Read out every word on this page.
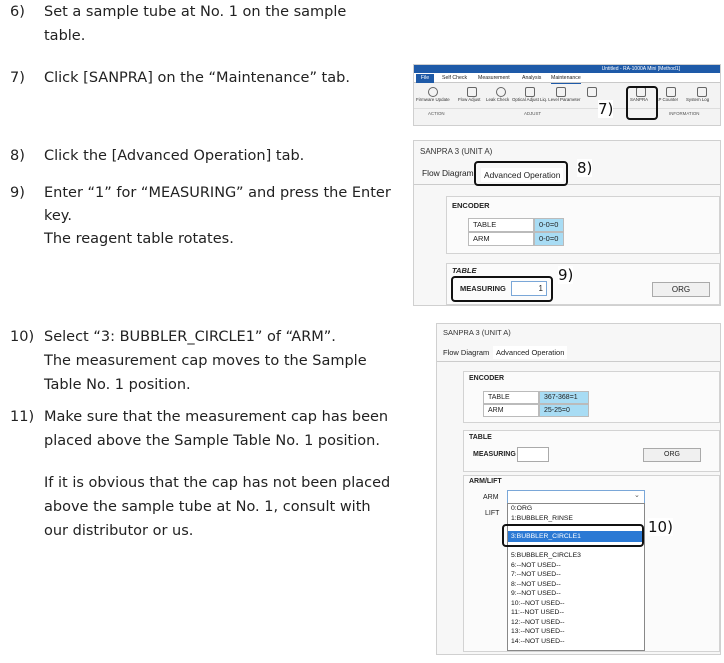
6) Set a sample tube at No. 1 on the sample
table.
7) Click [SANPRA] on the “Maintenance” tab.
8) Click the [Advanced Operation] tab.
9) Enter “1” for “MEASURING” and press the Enter
key.
The reagent table rotates.
10) Select “3: BUBBLER_CIRCLE1” of “ARM”.
The measurement cap moves to the Sample
Table No. 1 position.
11) Make sure that the measurement cap has been
placed above the Sample Table No. 1 position.
If it is obvious that the cap has not been placed
above the sample tube at No. 1, consult with
our distributor or us.
Untitled - RA-1000A Mini [Method1]
File	Self Check Measurement Analysis Maintenance
Firmware Update Flow Adjust Leak Check Optical Adjust Liq. Level Parameter	SANPRA LP Counter System Log
ACTION	ADJUST	INFORMATION
7)
SANPRA 3 (UNIT A)
Flow Diagram	Advanced Operation
ENCODER
TABLE	0-0=0
ARM	0-0=0
TABLE
MEASURING	1	ORG
8)
9)
SANPRA 3 (UNIT A)
Flow Diagram Advanced Operation
ENCODER
TABLE	367-368=1
ARM	25-25=0
TABLE
MEASURING	ORG
ARM/LIFT
ARM	⌄
LIFT
0:ORG
1:BUBBLER_RINSE
3:BUBBLER_CIRCLE1
5:BUBBLER_CIRCLE3
6:--NOT USED--
7:--NOT USED--
8:--NOT USED--
9:--NOT USED--
10:--NOT USED--
11:--NOT USED--
12:--NOT USED--
13:--NOT USED--
14:--NOT USED--
10)
